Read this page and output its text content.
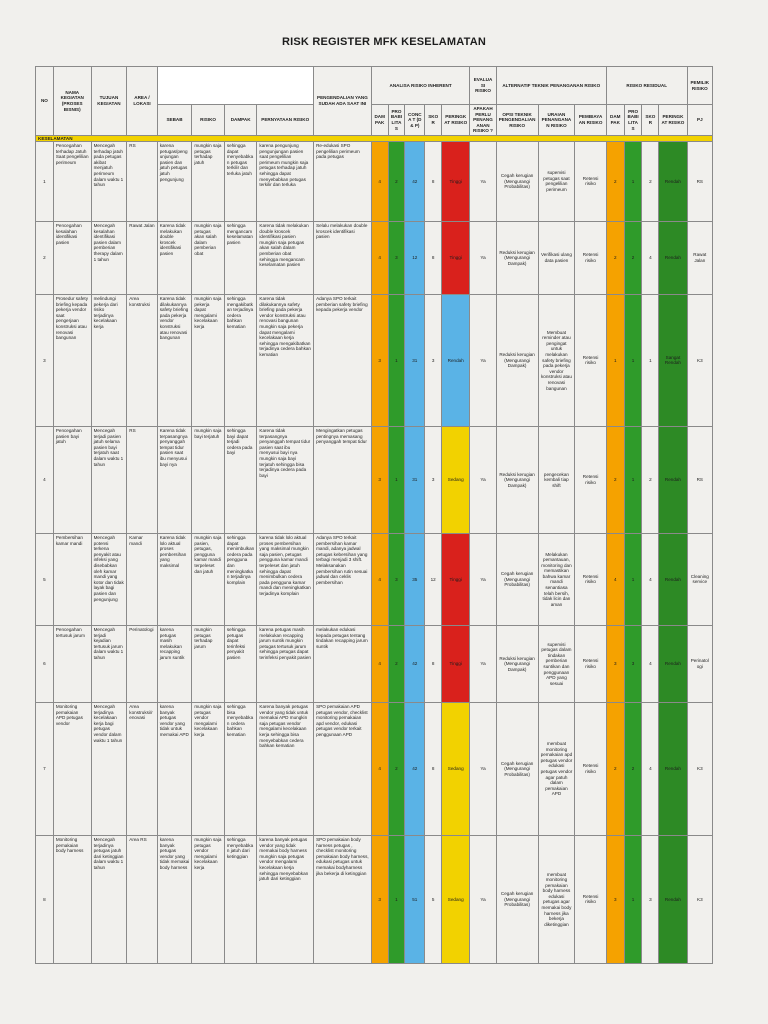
RISK REGISTER MFK KESELAMATAN
NO	NAMA KEGIATAN (PROSES BISNIS)	TUJUAN KEGIATAN	AREA / LOKASI					PENGENDALIAN YANG SUDAH ADA SAAT INI	ANALISA RISIKO INHERENT					EVALUASI RISIKO	ALTERNATIF TEKNIK PENANGANAN RISIKO			RISIKO RESIDUAL				PEMILIK RISIKO
				SEBAB	RISIKO	DAMPAK	PERNYATAAN RISIKO		DAMPAK	PROBABILITAS	CONCA T (D & P)	SKOR	PERINGKAT RISIKO	APAKAH PERLU PENANGANAN RISIKO ?	OPSI TEKNIK PENGENDALIAN RISIKO	URAIAN PENANGANAN RISIKO	PEMBIAYAAN RISIKO	DAMPAK	PROBABILITAS	SKOR	PERINGKAT RISIKO	PJ
KESELAMATAN																						
1	Pencegahan terhadap Jatuh Saat pengelilian perimeum	Mencegah terhadap jatuh pada petugas akibat menjatuh perimeum dalam waktu 1 tahun	RS	karena petugas/pengunjungan pasien dan jatuh petugas jatuh pengunjung	mungkin saja petugas terhadap jatuh	sehingga dapat menyebabkan petugas terkilir dan terluka jatuh	karena pengunjung pengunjungan pasien saat pengelilian perimeum mungkin saja petugas terhadap jatuh sehingga dapat menyebabkan petugas terkilir dan terluka	Re-edukasi SPO pengelilian perimeum pada petugas	4	2	42	8	Tinggi	Ya	Cegah kerugian (Mengurangi Probabilitas)	supervisi petugas saat pengelilian perimeum	Retensi risiko	2	1	2	Rendah	RS
2	Pencegahan kesalahan identifikasi pasien	Mencegah kesalahan identifikasi pasien dalam pemberian therapy dalam 1 tahun	Rawat Jalan	Karena tidak melakukan double kroscek identifikasi pasien	mungkin saja petugas akan salah dalam pemberian obat	sehingga mengancam keselamatan pasien	Karena tidak melakukan double kroscek identifikasi pasien mungkin saja petugas akan salah dalam pemberian obat sehingga mengancam keselamatan pasien	Selalu melakukan double kroscek identifikasi pasien	4	3	12	8	Tinggi	Ya	Reduksi kerugian (Mengurangi Dampak)	Verifikasi ulang data pasien	Retensi risiko	2	2	4	Rendah	Rawat Jalan
3	Prosedur safety briefing kepada pekerja vendor saat pengerjaan konstruksi atau renovasi bangunan	melindungi pekerja dari risiko terjadinya kecelakaan kerja	Area konstruksi	Karena tidak dilakukannya safety briefing pada pekerja vendor konstruksi atau renovasi bangunan	mungkin saja pekerja dapat mengalami kecelakaan kerja	sehingga mengakibatkan terjadinya cedera bahkan kematian	Karena tidak dilakukannya safety briefing pada pekerja vendor konstruksi atau renovasi bangunan mungkin saja pekerja dapat mengalami kecelakaan kerja sehingga mengakibatkan terjadinya cedera bahkan kematian	Adanya SPO terkait pemberian safety briefing kepada pekerja vendor	3	1	31	3	Rendah	Ya	Reduksi kerugian (Mengurangi Dampak)	Membuat reminder atau pengingat untuk melakukan safety briefing pada pekerja vendor konstruksi atau renovasi bangunan	Retensi risiko	1	1	1	Sangat Rendah	K3
4	Pencegahan pasien bayi jatuh	Mencegah terjadi pasien jatuh selama pasien bayi terjatuh saat dalam waktu 1 tahun	RS	Karena tidak terpasangnya penyanggah tempat tidur pasien saat ibu menyusui bayi nya	mungkin saja bayi terjatuh	sehingga bayi dapat terjadi cedera pada bayi	Karena tidak terpasangnya penyanggah tempat tidur pasien saat ibu menyusui bayi nya mungkin saja bayi terjatuh sehingga bisa terjadinya cedera pada bayi	Mengingatkan petugas pentingnya memasang penyanggah tempat tidur	3	1	31	3	Sedang	Ya	Reduksi kerugian (Mengurangi Dampak)	pengecekan kembali tiap shift	Retensi risiko	2	1	2	Rendah	RS
5	Pembersihan kamar mandi	Mencegah potensi terkena penyakit atau infeksi yang disebabkan oleh kamar mandi yang kotor dan tidak layak bagi pasien dan pengunjung	Kamar mandi	Karena tidak lolo aktual proses pembersihan yang maksimal	mungkin saja pasien, petugas, pengguna kamar mandi terpeleset dan jatuh	sehingga dapat menimbulkan cedera pada pengguna dan meningkatkan terjadinya komplain	karena tidak lolo aktual proses pembersihan yang maksimal mungkin saja pasien, petugas pengguna kamar mandi terpeleset dan jatuh sehingga dapat menimbulkan cedera pada pengguna kamar mandi dan meningkatkan terjadinya komplain	Adanya SPO terkait pembersihan kamar mandi, adanya jadwal petugas kebersihan yang terbagi menjadi 3 shift. Melaksanakan pembersihan rutin sesuai jadwal dan ceklis pembersihan	4	3	35	12	Tinggi	Ya	Cegah kerugian (Mengurangi Probabilitas)	Melakukan pemantauan, monitoring dan memastikan bahwa kamar mandi senantiasa telah bersih, tidak licin dan aman	Retensi risiko	4	1	4	Rendah	Cleaning service
6	Pencegahan tertusuk jarum	Mencegah terjadi kejadian tertusuk jarum dalam waktu 1 tahun	Perinatologi	karena petugas masih melakukan recapping jarum suntik	mungkin petugas terhadap jarum	sehingga petugas dapat terinfeksi penyakit pasien	karena petugas masih melakukan recapping jarum suntik mungkin petugas tertusuk jarum sehingga petugas dapat terinfeksi penyakit pasien	melakukan edukasi kepada petugas tentang tindakan recapping jarum suntik	4	2	42	8	Tinggi	Ya	Reduksi kerugian (Mengurangi Dampak)	supervisi petugas dalam tindakan pemberian suntikan dan penggunaan APD yang sesuai	Retensi risiko	3	3	4	Rendah	Perinatologi
7	Monitoring pemakaian APD petugas vendor	Mencegah terjadinya kecelakaan kerja bagi petugas vendor dalam waktu 1 tahun	Area konstruksi/renovasi	karena banyak petugas vendor yang tidak untuk memakai APD	mungkin saja petugas vendor mengalami kecelakaan kerja	sehingga bisa menyebabkan cedera bahkan kematian	Karena banyak petugas vendor yang tidak untuk memakai APD mungkin saja petugas vendor mengalami kecelakaan kerja sehingga bisa menyebabkan cedera bahkan kematian	SPO pemakaian APD petugas vendor, checklist monitoring pemakaian apd vendor, edukasi petugas vendor terkait penggunaan APD	4	2	42	8	Sedang	Ya	Cegah kerugian (Mengurangi Probabilitas)	membuat monitoring pemakaian apd petugas vendor edukasi petugas vendor agar patuh dalam pemakaian APD	Retensi risiko	2	2	4	Rendah	K3
8	Monitoring pemakaian body harness	Mencegah terjadinya petugas jatuh dari ketinggian dalam waktu 1 tahun	Area RS	karena banyak petugas vendor yang tidak memakai body harness	mungkin saja petugas vendor mengalami kecelakaan kerja	sehingga menyebabkan jatuh dari ketinggian	karena banyak petugas vendor yang tidak memakai body harness mungkin saja petugas vendor mengalami kecelakaan kerja sehingga menyebabkan jatuh dari ketinggian	SPO pemakaian body harness petugas , checklist monitoring pemakaian body harness, edukasi petugas untuk memakai bodyharness jika bekerja di ketinggian	3	1	51	5	Sedang	Ya	Cegah kerugian (Mengurangi Probabilitas)	membuat monitoring pemakaian body harness edukasi petugas agar memakai body harness jika bekerja diketinggian	Retensi risiko	3	1	3	Rendah	K3
